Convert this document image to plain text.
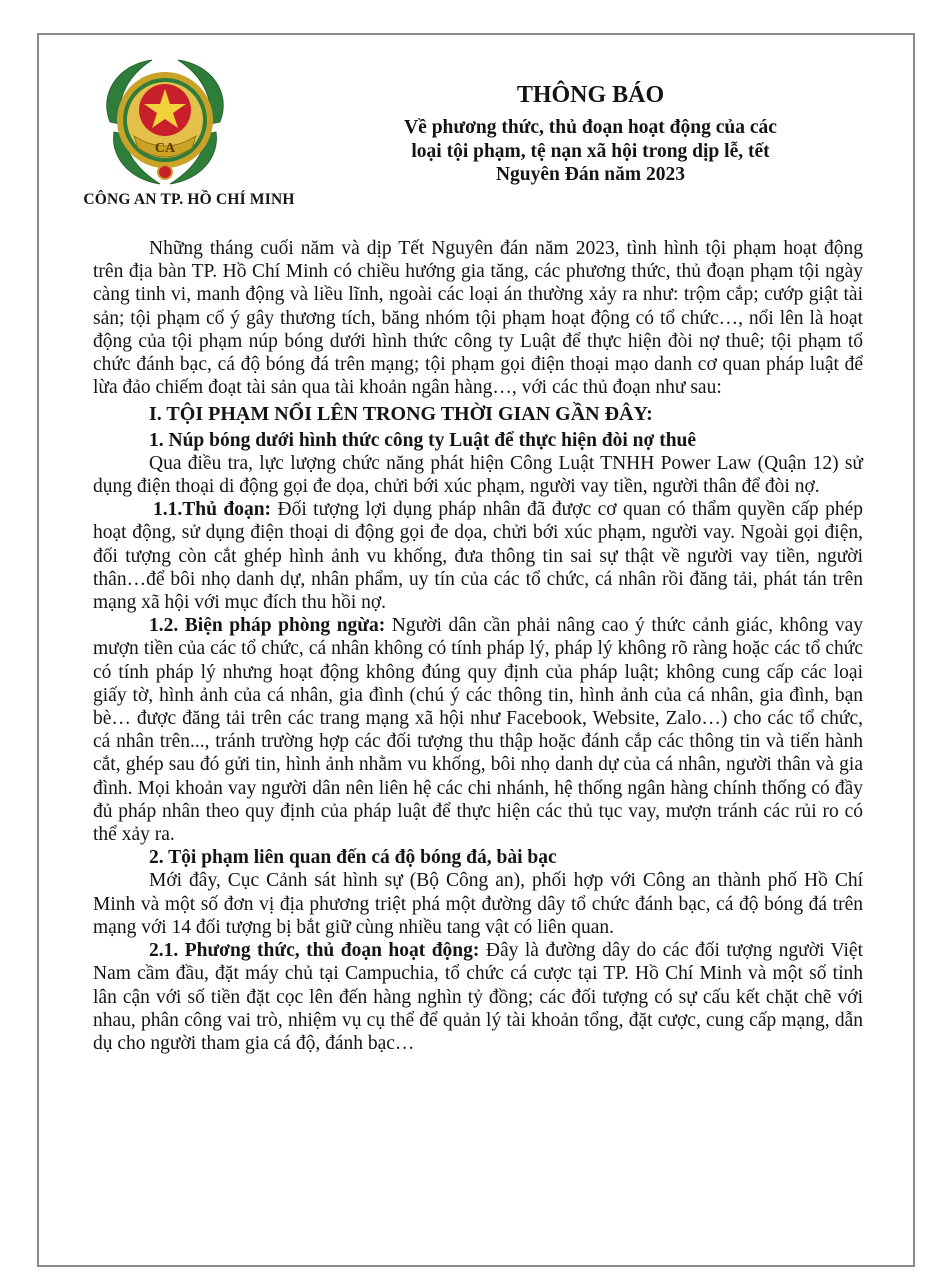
CA
CÔNG AN TP. HỒ CHÍ MINH
THÔNG BÁO
Về phương thức, thủ đoạn hoạt động của các loại tội phạm, tệ nạn xã hội trong dịp lễ, tết Nguyên Đán năm 2023

Những tháng cuối năm và dịp Tết Nguyên đán năm 2023, tình hình tội phạm hoạt động trên địa bàn TP. Hồ Chí Minh có chiều hướng gia tăng, các phương thức, thủ đoạn phạm tội ngày càng tinh vi, manh động và liều lĩnh, ngoài các loại án thường xảy ra như: trộm cắp; cướp giật tài sản; tội phạm cố ý gây thương tích, băng nhóm tội phạm hoạt động có tổ chức…, nổi lên là hoạt động của tội phạm núp bóng dưới hình thức công ty Luật để thực hiện đòi nợ thuê; tội phạm tổ chức đánh bạc, cá độ bóng đá trên mạng; tội phạm gọi điện thoại mạo danh cơ quan pháp luật để lừa đảo chiếm đoạt tài sản qua tài khoản ngân hàng…, với các thủ đoạn như sau:

I. TỘI PHẠM NỔI LÊN TRONG THỜI GIAN GẦN ĐÂY:

1. Núp bóng dưới hình thức công ty Luật để thực hiện đòi nợ thuê

Qua điều tra, lực lượng chức năng phát hiện Công Luật TNHH Power Law (Quận 12) sử dụng điện thoại di động gọi đe dọa, chửi bới xúc phạm, người vay tiền, người thân để đòi nợ.

1.1.Thủ đoạn: Đối tượng lợi dụng pháp nhân đã được cơ quan có thẩm quyền cấp phép hoạt động, sử dụng điện thoại di động gọi đe dọa, chửi bới xúc phạm, người vay. Ngoài gọi điện, đối tượng còn cắt ghép hình ảnh vu khống, đưa thông tin sai sự thật về người vay tiền, người thân…để bôi nhọ danh dự, nhân phẩm, uy tín của các tổ chức, cá nhân rồi đăng tải, phát tán trên mạng xã hội với mục đích thu hồi nợ.

1.2. Biện pháp phòng ngừa: Người dân cần phải nâng cao ý thức cảnh giác, không vay mượn tiền của các tổ chức, cá nhân không có tính pháp lý, pháp lý không rõ ràng hoặc các tổ chức có tính pháp lý nhưng hoạt động không đúng quy định của pháp luật; không cung cấp các loại giấy tờ, hình ảnh của cá nhân, gia đình (chú ý các thông tin, hình ảnh của cá nhân, gia đình, bạn bè… được đăng tải trên các trang mạng xã hội như Facebook, Website, Zalo…) cho các tổ chức, cá nhân trên..., tránh trường hợp các đối tượng thu thập hoặc đánh cắp các thông tin và tiến hành cắt, ghép sau đó gửi tin, hình ảnh nhằm vu khống, bôi nhọ danh dự của cá nhân, người thân và gia đình. Mọi khoản vay người dân nên liên hệ các chi nhánh, hệ thống ngân hàng chính thống có đầy đủ pháp nhân theo quy định của pháp luật để thực hiện các thủ tục vay, mượn tránh các rủi ro có thể xảy ra.

2. Tội phạm liên quan đến cá độ bóng đá, bài bạc

Mới đây, Cục Cảnh sát hình sự (Bộ Công an), phối hợp với Công an thành phố Hồ Chí Minh và một số đơn vị địa phương triệt phá một đường dây tổ chức đánh bạc, cá độ bóng đá trên mạng với 14 đối tượng bị bắt giữ cùng nhiều tang vật có liên quan.

2.1. Phương thức, thủ đoạn hoạt động: Đây là đường dây do các đối tượng người Việt Nam cầm đầu, đặt máy chủ tại Campuchia, tổ chức cá cược tại TP. Hồ Chí Minh và một số tỉnh lân cận với số tiền đặt cọc lên đến hàng nghìn tỷ đồng; các đối tượng có sự cấu kết chặt chẽ với nhau, phân công vai trò, nhiệm vụ cụ thể để quản lý tài khoản tổng, đặt cược, cung cấp mạng, dẫn dụ cho người tham gia cá độ, đánh bạc…
